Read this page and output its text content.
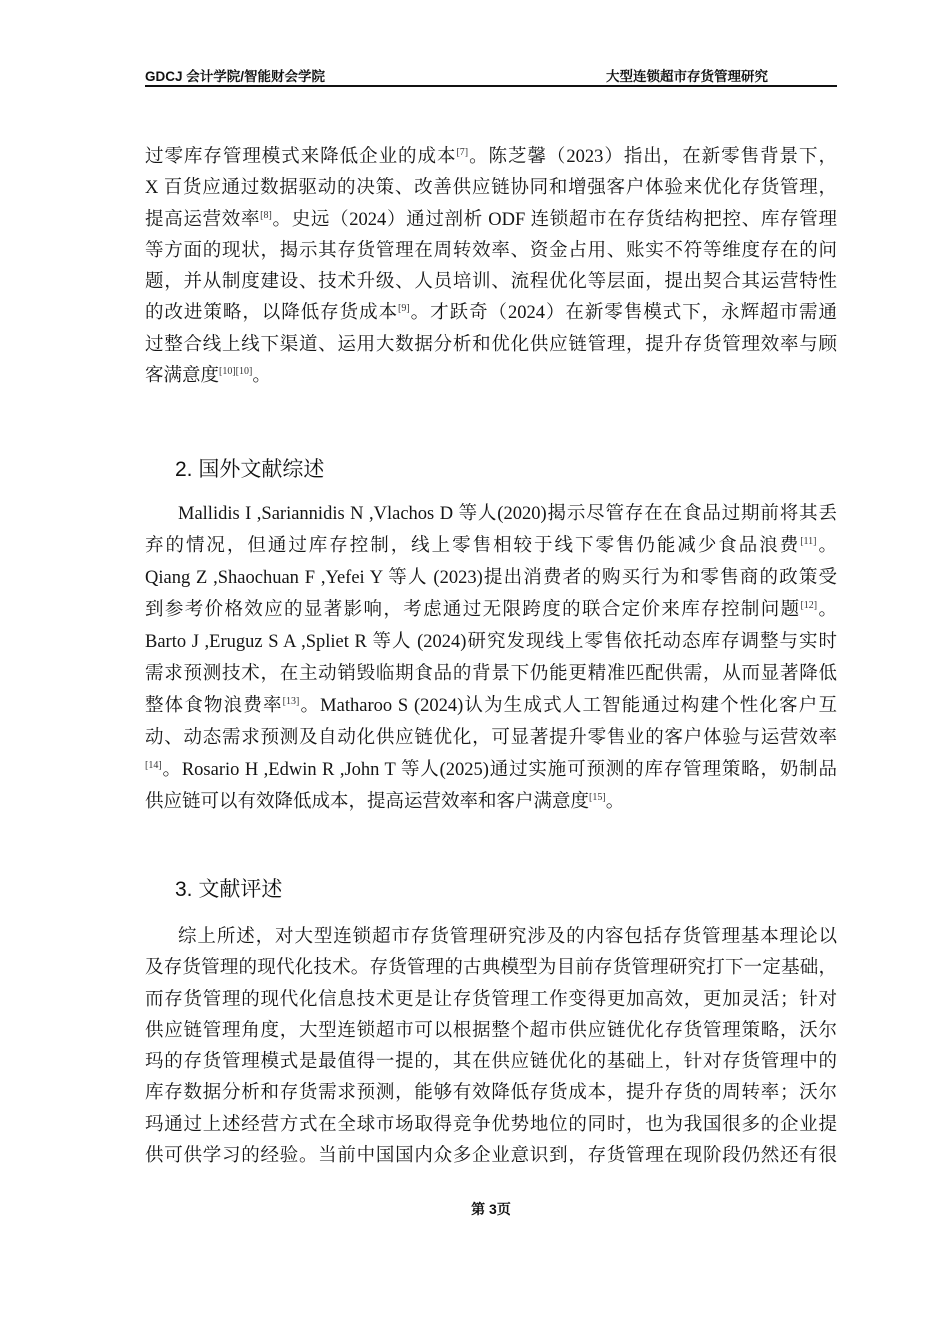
GDCJ 会计学院/智能财会学院	大型连锁超市存货管理研究
过零库存管理模式来降低企业的成本[7]。陈芝馨（2023）指出，在新零售背景下，
X 百货应通过数据驱动的决策、改善供应链协同和增强客户体验来优化存货管理，
提高运营效率[8]。史远（2024）通过剖析 ODF 连锁超市在存货结构把控、库存管理
等方面的现状，揭示其存货管理在周转效率、资金占用、账实不符等维度存在的问
题，并从制度建设、技术升级、人员培训、流程优化等层面，提出契合其运营特性
的改进策略，以降低存货成本[9]。才跃奇（2024）在新零售模式下，永辉超市需通
过整合线上线下渠道、运用大数据分析和优化供应链管理，提升存货管理效率与顾
客满意度[10][10]。
2. 国外文献综述
Mallidis I ,Sariannidis N ,Vlachos D 等人(2020)揭示尽管存在在食品过期前将其丢
弃的情况，但通过库存控制，线上零售相较于线下零售仍能减少食品浪费[11]。
Qiang Z ,Shaochuan F ,Yefei Y 等人 (2023)提出消费者的购买行为和零售商的政策受
到参考价格效应的显著影响，考虑通过无限跨度的联合定价来库存控制问题[12]。
Barto J ,Eruguz S A ,Spliet R 等人 (2024)研究发现线上零售依托动态库存调整与实时
需求预测技术，在主动销毁临期食品的背景下仍能更精准匹配供需，从而显著降低
整体食物浪费率[13]。Matharoo S (2024)认为生成式人工智能通过构建个性化客户互
动、动态需求预测及自动化供应链优化，可显著提升零售业的客户体验与运营效率
[14]。Rosario H ,Edwin R ,John T 等人(2025)通过实施可预测的库存管理策略，奶制品
供应链可以有效降低成本，提高运营效率和客户满意度[15]。
3. 文献评述
综上所述，对大型连锁超市存货管理研究涉及的内容包括存货管理基本理论以
及存货管理的现代化技术。存货管理的古典模型为目前存货管理研究打下一定基础，
而存货管理的现代化信息技术更是让存货管理工作变得更加高效，更加灵活；针对
供应链管理角度，大型连锁超市可以根据整个超市供应链优化存货管理策略，沃尔
玛的存货管理模式是最值得一提的，其在供应链优化的基础上，针对存货管理中的
库存数据分析和存货需求预测，能够有效降低存货成本，提升存货的周转率；沃尔
玛通过上述经营方式在全球市场取得竞争优势地位的同时，也为我国很多的企业提
供可供学习的经验。当前中国国内众多企业意识到，存货管理在现阶段仍然还有很
第 3页
